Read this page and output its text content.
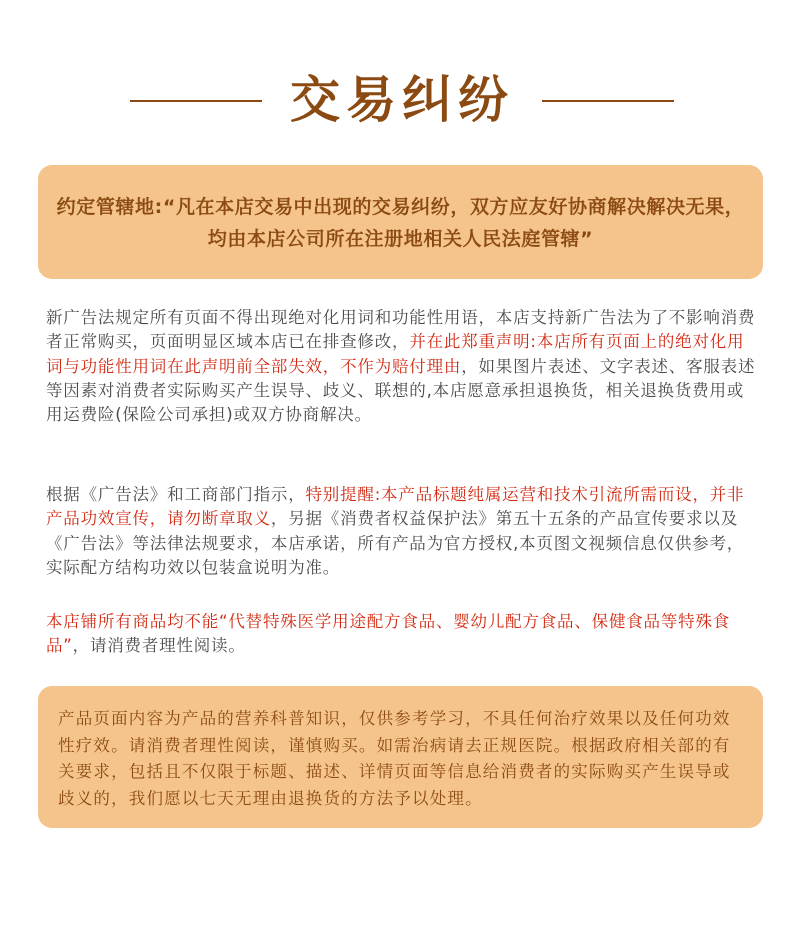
交易纠纷
约定管辖地:“凡在本店交易中出现的交易纠纷，双方应友好协商解决解决无果，均由本店公司所在注册地相关人民法庭管辖”
新广告法规定所有页面不得出现绝对化用词和功能性用语，本店支持新广告法为了不影响消费者正常购买，页面明显区域本店已在排查修改，并在此郑重声明:本店所有页面上的绝对化用词与功能性用词在此声明前全部失效，不作为赔付理由，如果图片表述、文字表述、客服表述等因素对消费者实际购买产生误导、歧义、联想的,本店愿意承担退换货，相关退换货费用或用运费险(保险公司承担)或双方协商解决。
根据《广告法》和工商部门指示，特别提醒:本产品标题纯属运营和技术引流所需而设，并非产品功效宣传，请勿断章取义，另据《消费者权益保护法》第五十五条的产品宣传要求以及《广告法》等法律法规要求，本店承诺，所有产品为官方授权,本页图文视频信息仅供参考，实际配方结构功效以包装盒说明为准。
本店铺所有商品均不能“代替特殊医学用途配方食品、婴幼儿配方食品、保健食品等特殊食品”，请消费者理性阅读。
产品页面内容为产品的营养科普知识，仅供参考学习，不具任何治疗效果以及任何功效性疗效。请消费者理性阅读，谨慎购买。如需治病请去正规医院。根据政府相关部的有关要求，包括且不仅限于标题、描述、详情页面等信息给消费者的实际购买产生误导或歧义的，我们愿以七天无理由退换货的方法予以处理。
